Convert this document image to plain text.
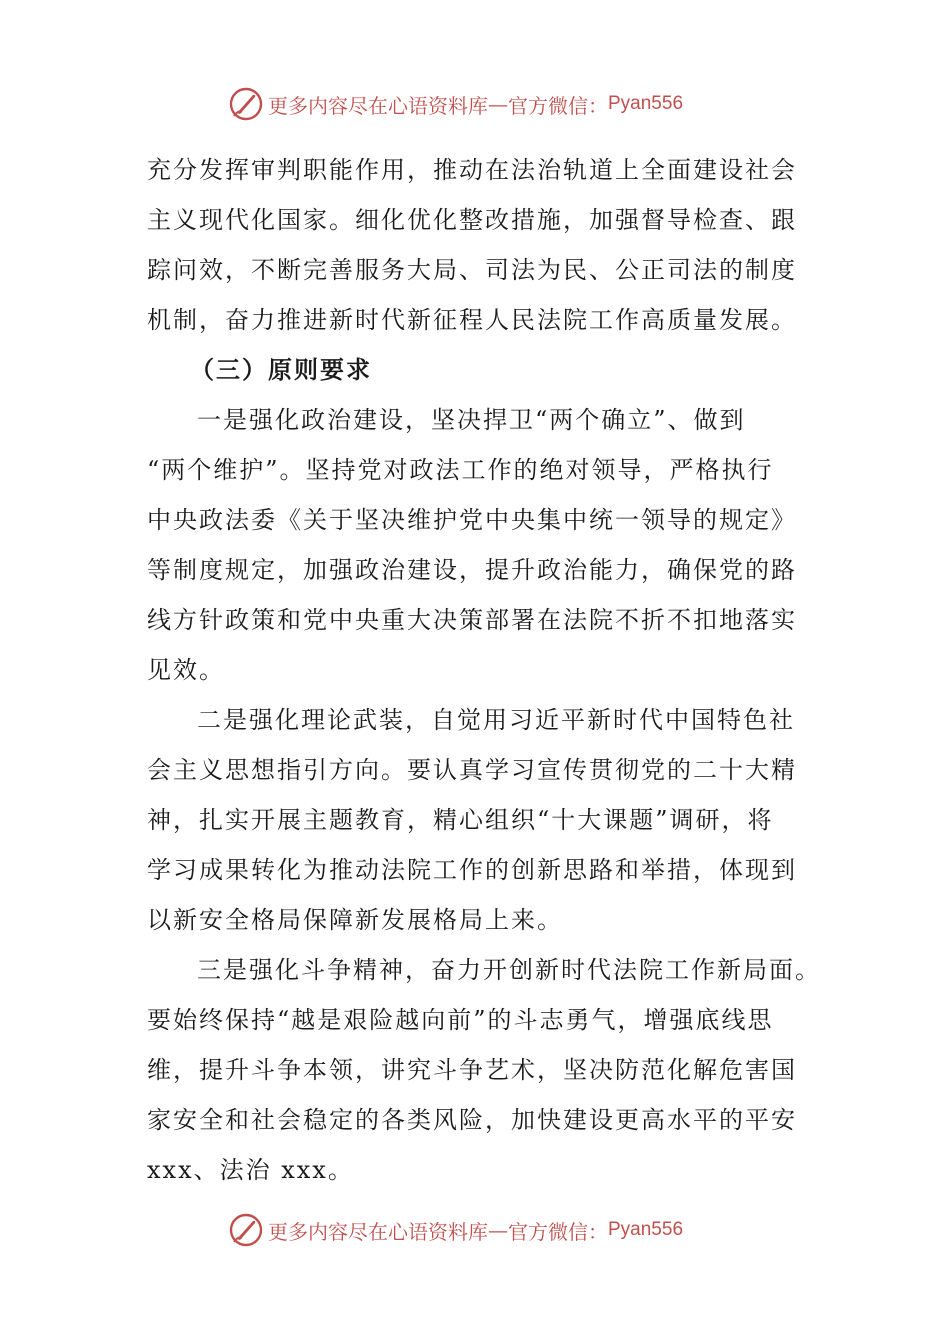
更多内容尽在心语资料库 — 官方微信： Pyan556
充分发挥审判职能作用，推动在法治轨道上全面建设社会
主义现代化国家。细化优化整改措施，加强督导检查、跟
踪问效，不断完善服务大局、司法为民、公正司法的制度
机制，奋力推进新时代新征程人民法院工作高质量发展。
（三）原则要求
一是强化政治建设，坚决捍卫“两个确立”、做到
“两个维护”。坚持党对政法工作的绝对领导，严格执行
中央政法委《关于坚决维护党中央集中统一领导的规定》
等制度规定，加强政治建设，提升政治能力，确保党的路
线方针政策和党中央重大决策部署在法院不折不扣地落实
见效。
二是强化理论武装，自觉用习近平新时代中国特色社
会主义思想指引方向。要认真学习宣传贯彻党的二十大精
神，扎实开展主题教育，精心组织“十大课题”调研，将
学习成果转化为推动法院工作的创新思路和举措，体现到
以新安全格局保障新发展格局上来。
三是强化斗争精神，奋力开创新时代法院工作新局面。
要始终保持“越是艰险越向前”的斗志勇气，增强底线思
维，提升斗争本领，讲究斗争艺术，坚决防范化解危害国
家安全和社会稳定的各类风险，加快建设更高水平的平安
xxx、法治 xxx。
更多内容尽在心语资料库 — 官方微信： Pyan556
